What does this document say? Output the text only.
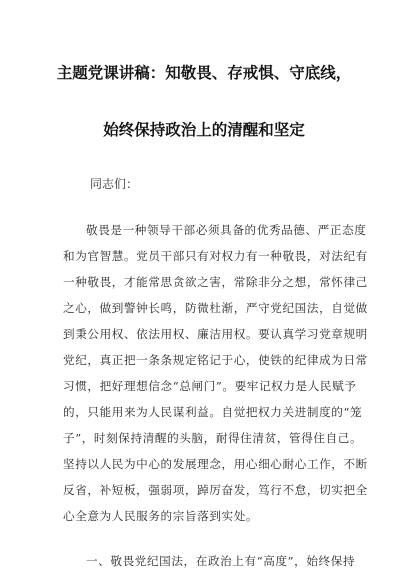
主题党课讲稿：知敬畏、存戒惧、守底线，
始终保持政治上的清醒和坚定
同志们：
敬畏是一种领导干部必须具备的优秀品德、严正态度
和为官智慧。党员干部只有对权力有一种敬畏，对法纪有
一种敬畏，才能常思贪欲之害，常除非分之想，常怀律己
之心，做到警钟长鸣，防微杜渐，严守党纪国法，自觉做
到秉公用权、依法用权、廉洁用权。要认真学习党章规明
党纪，真正把一条条规定铭记于心，使铁的纪律成为日常
习惯，把好理想信念“总闸门”。要牢记权力是人民赋予
的，只能用来为人民谋利益。自觉把权力关进制度的“笼
子”，时刻保持清醒的头脑，耐得住清贫，管得住自己。
坚持以人民为中心的发展理念，用心细心耐心工作，不断
反省，补短板，强弱项，踔厉奋发，笃行不怠，切实把全
心全意为人民服务的宗旨落到实处。
一、敬畏党纪国法，在政治上有“高度”，始终保持
